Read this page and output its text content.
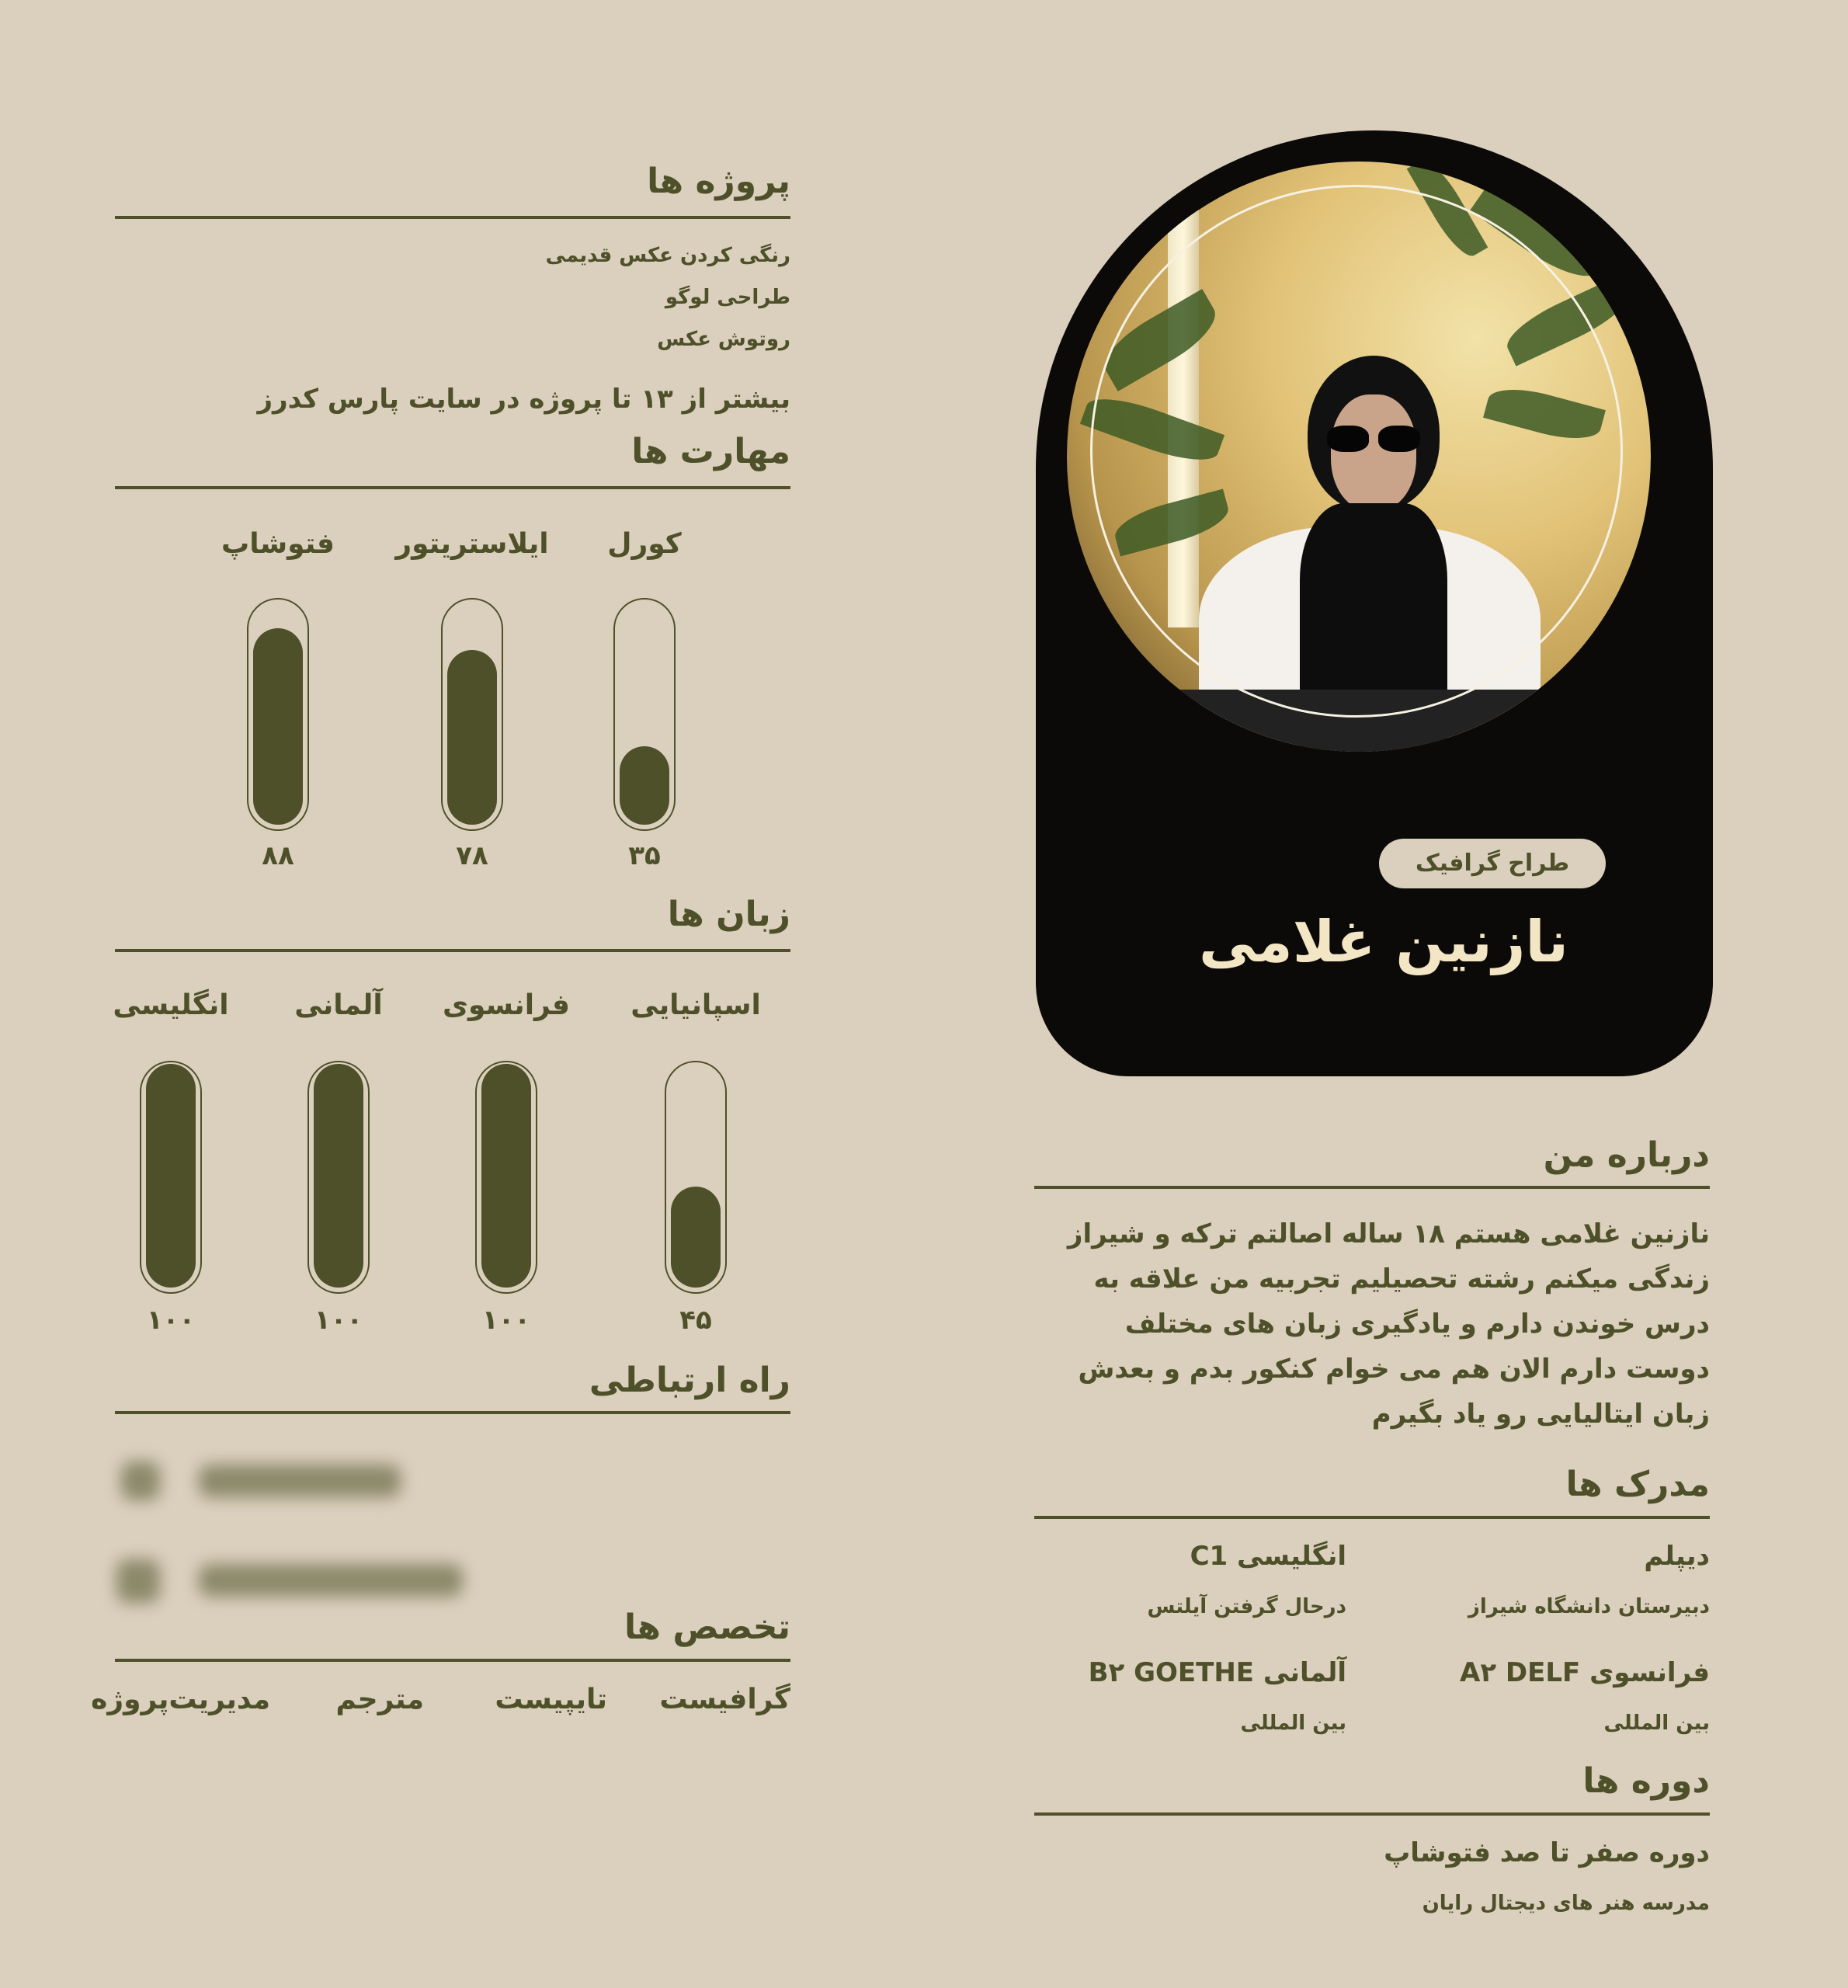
طراح گرافیک
نازنین غلامی
درباره من
نازنین غلامی هستم ۱۸ ساله اصالتم ترکه و شیراز
زندگی میکنم رشته تحصیلیم تجربیه من علاقه به
درس خوندن دارم و یادگیری زبان های مختلف
دوست دارم الان هم می خوام کنکور بدم و بعدش
زبان ایتالیایی رو یاد بگیرم
مدرک ها
دیپلم
دبیرستان دانشگاه شیراز
انگلیسی C1
درحال گرفتن آیلتس
فرانسوی A۲ DELF
بین المللی
آلمانی B۲ GOETHE
بین المللی
دوره ها
دوره صفر تا صد فتوشاپ
مدرسه هنر های دیجتال رایان
پروژه ها
رنگی کردن عکس قدیمی
طراحی لوگو
روتوش عکس
بیشتر از ۱۳ تا پروژه در سایت پارس کدرز
مهارت ها
زبان ها
راه ارتباطی
تخصص ها
گرافیست
تایپیست
مترجم
مدیریت‌پروژه
کورل
۳۵
ایلاستریتور
۷۸
فتوشاپ
۸۸
اسپانیایی
۴۵
فرانسوی
۱۰۰
آلمانی
۱۰۰
انگلیسی
۱۰۰
